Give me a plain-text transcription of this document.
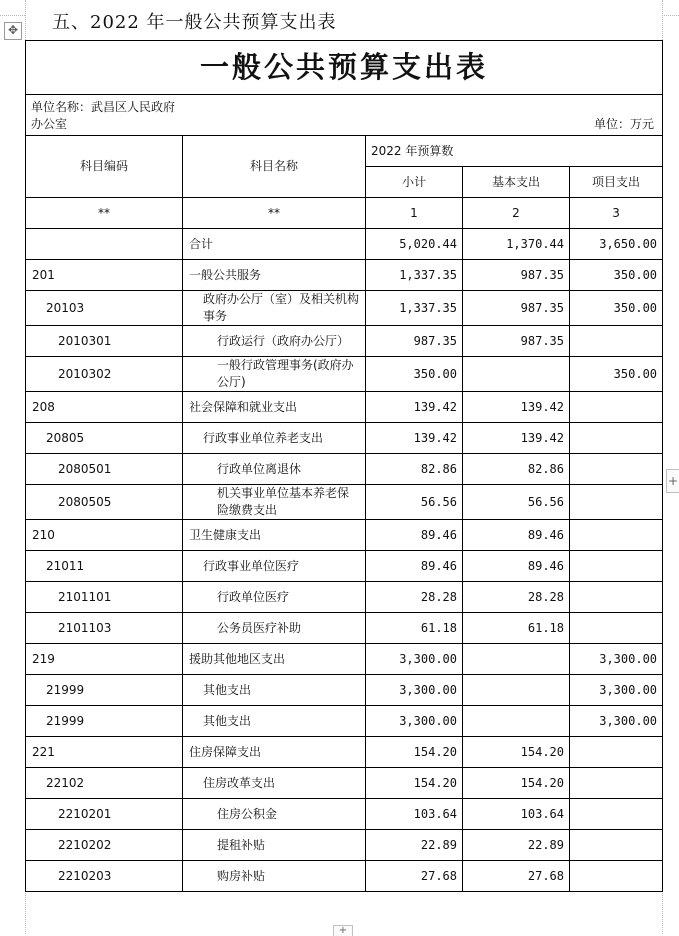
五、2022 年一般公共预算支出表
✥
+
+
一般公共预算支出表				
单位名称：武昌区人民政府办公室				单位：万元
科目编码	科目名称	2022 年预算数		
		小计	基本支出	项目支出
**	**	1	2	3
	合计	5,020.44	1,370.44	3,650.00
201	一般公共服务	1,337.35	987.35	350.00
20103	政府办公厅（室）及相关机构事务	1,337.35	987.35	350.00
2010301	行政运行（政府办公厅）	987.35	987.35	
2010302	一般行政管理事务(政府办公厅)	350.00		350.00
208	社会保障和就业支出	139.42	139.42	
20805	行政事业单位养老支出	139.42	139.42	
2080501	行政单位离退休	82.86	82.86	
2080505	机关事业单位基本养老保险缴费支出	56.56	56.56	
210	卫生健康支出	89.46	89.46	
21011	行政事业单位医疗	89.46	89.46	
2101101	行政单位医疗	28.28	28.28	
2101103	公务员医疗补助	61.18	61.18	
219	援助其他地区支出	3,300.00		3,300.00
21999	其他支出	3,300.00		3,300.00
21999	其他支出	3,300.00		3,300.00
221	住房保障支出	154.20	154.20	
22102	住房改革支出	154.20	154.20	
2210201	住房公积金	103.64	103.64	
2210202	提租补贴	22.89	22.89	
2210203	购房补贴	27.68	27.68	
